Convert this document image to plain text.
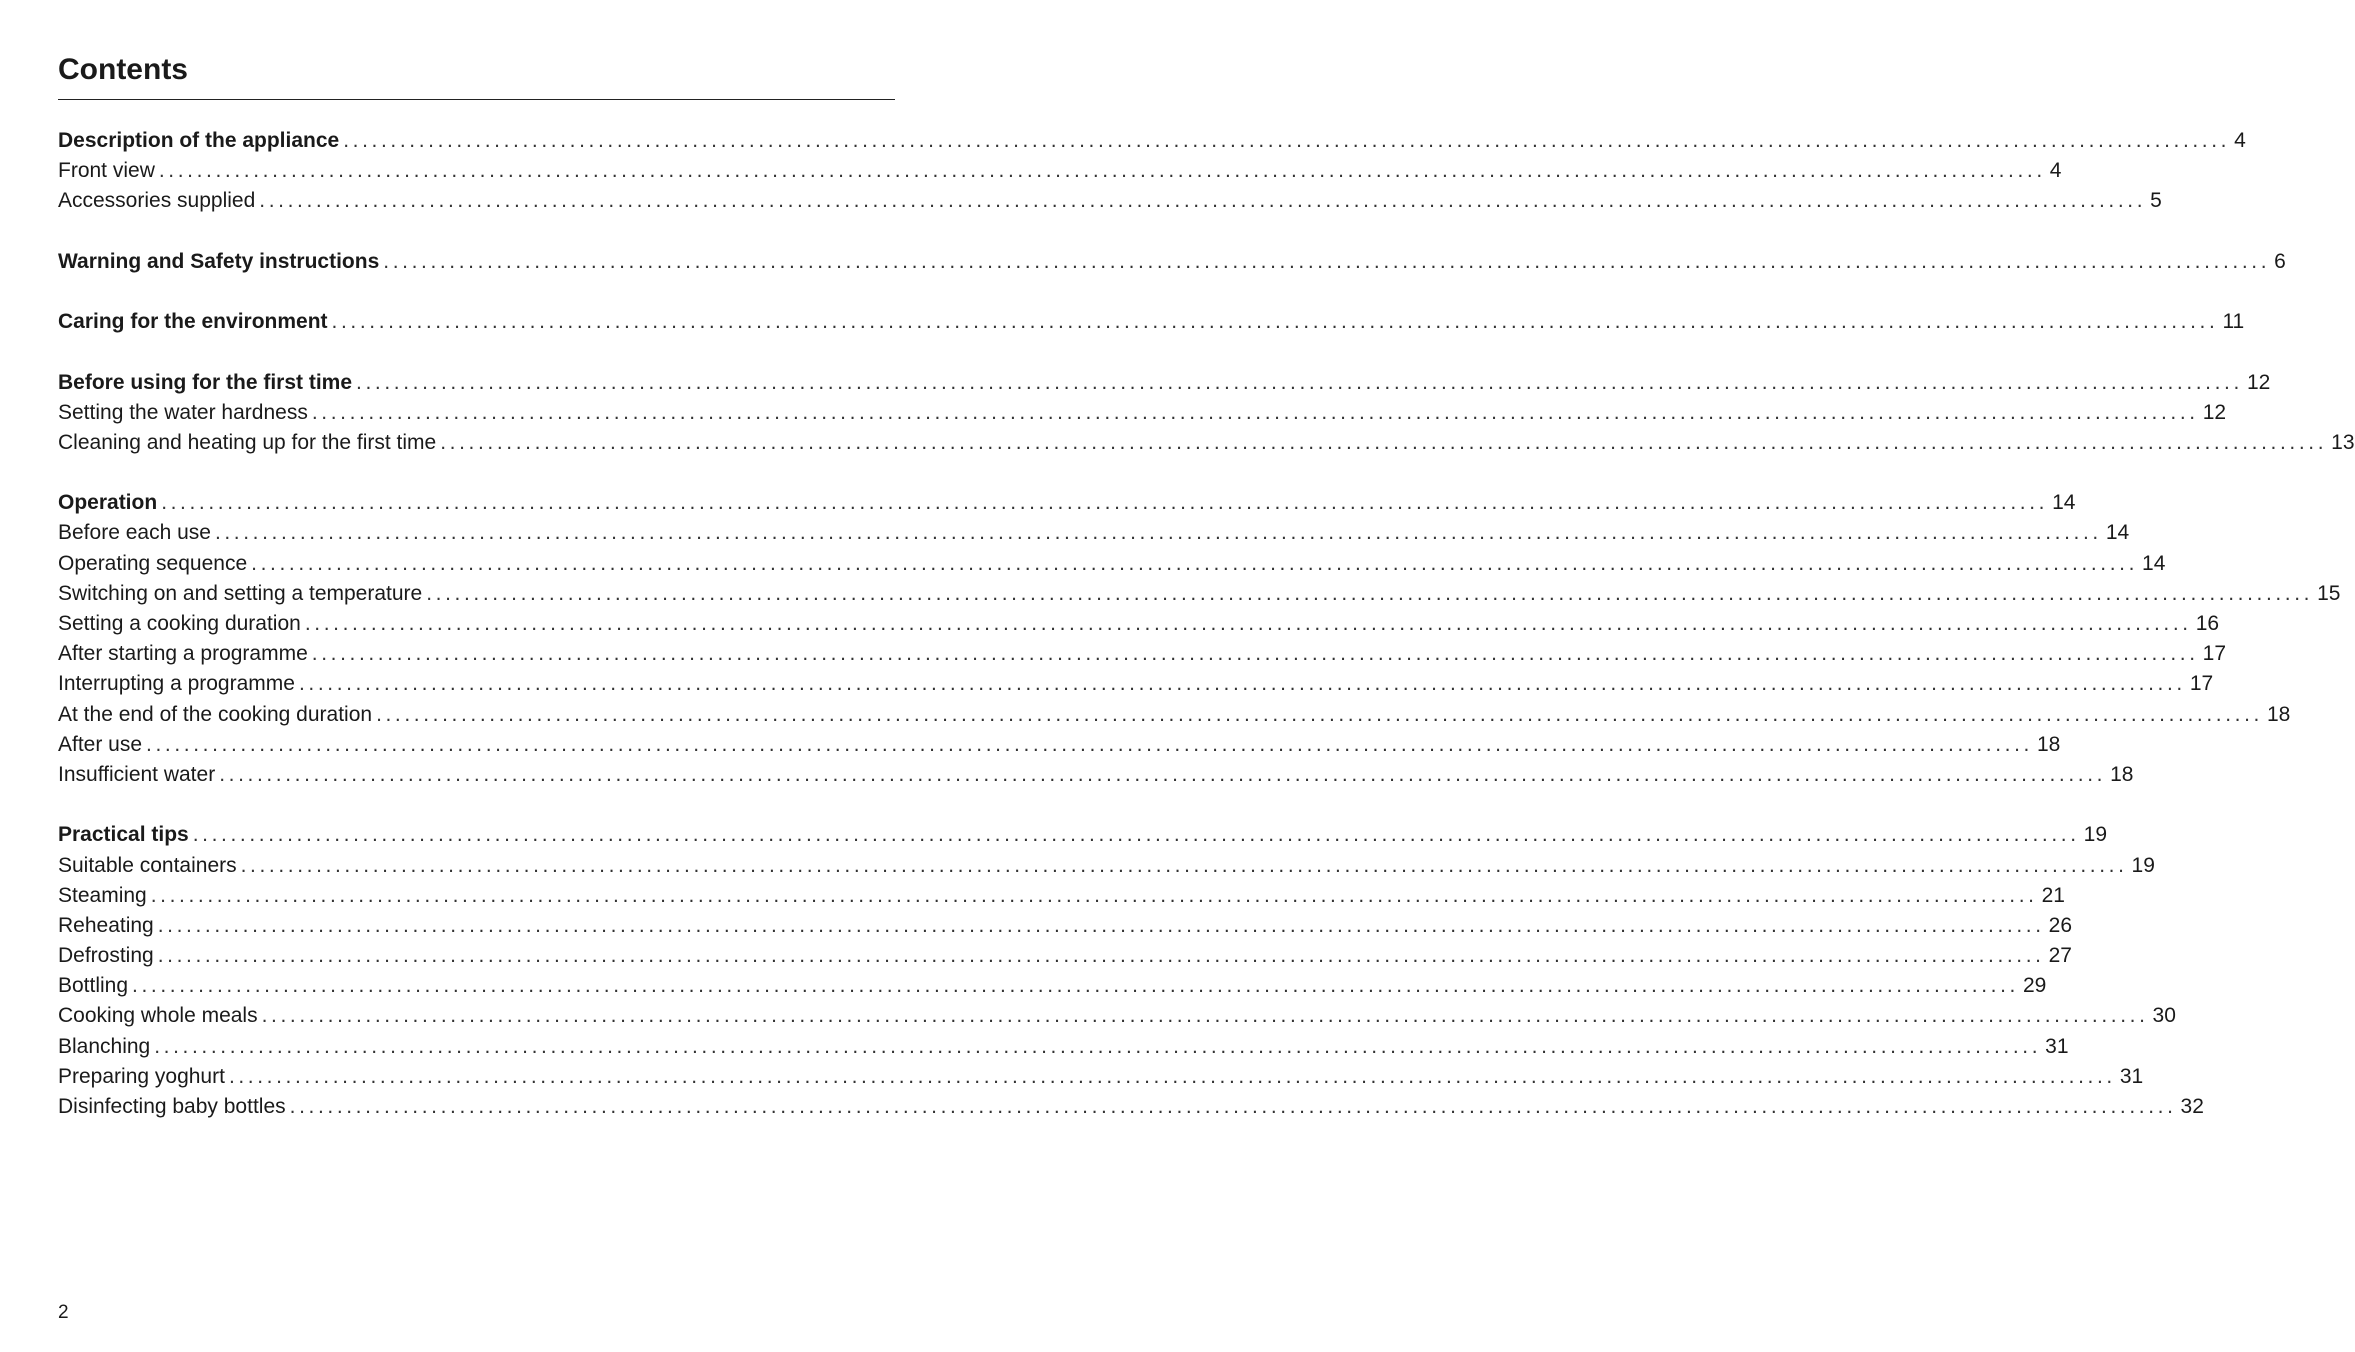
Contents
Description of the appliance ........................................................................................................................................................................................................ 4
Front view ........................................................................................................................................................................................................ 4
Accessories supplied ........................................................................................................................................................................................................ 5
Warning and Safety instructions ........................................................................................................................................................................................................ 6
Caring for the environment ........................................................................................................................................................................................................ 11
Before using for the first time ........................................................................................................................................................................................................ 12
Setting the water hardness ........................................................................................................................................................................................................ 12
Cleaning and heating up for the first time ........................................................................................................................................................................................................ 13
Operation ........................................................................................................................................................................................................ 14
Before each use ........................................................................................................................................................................................................ 14
Operating sequence ........................................................................................................................................................................................................ 14
Switching on and setting a temperature ........................................................................................................................................................................................................ 15
Setting a cooking duration ........................................................................................................................................................................................................ 16
After starting a programme ........................................................................................................................................................................................................ 17
Interrupting a programme ........................................................................................................................................................................................................ 17
At the end of the cooking duration ........................................................................................................................................................................................................ 18
After use ........................................................................................................................................................................................................ 18
Insufficient water ........................................................................................................................................................................................................ 18
Practical tips ........................................................................................................................................................................................................ 19
Suitable containers ........................................................................................................................................................................................................ 19
Steaming ........................................................................................................................................................................................................ 21
Reheating ........................................................................................................................................................................................................ 26
Defrosting ........................................................................................................................................................................................................ 27
Bottling ........................................................................................................................................................................................................ 29
Cooking whole meals ........................................................................................................................................................................................................ 30
Blanching ........................................................................................................................................................................................................ 31
Preparing yoghurt ........................................................................................................................................................................................................ 31
Disinfecting baby bottles ........................................................................................................................................................................................................ 32
2
